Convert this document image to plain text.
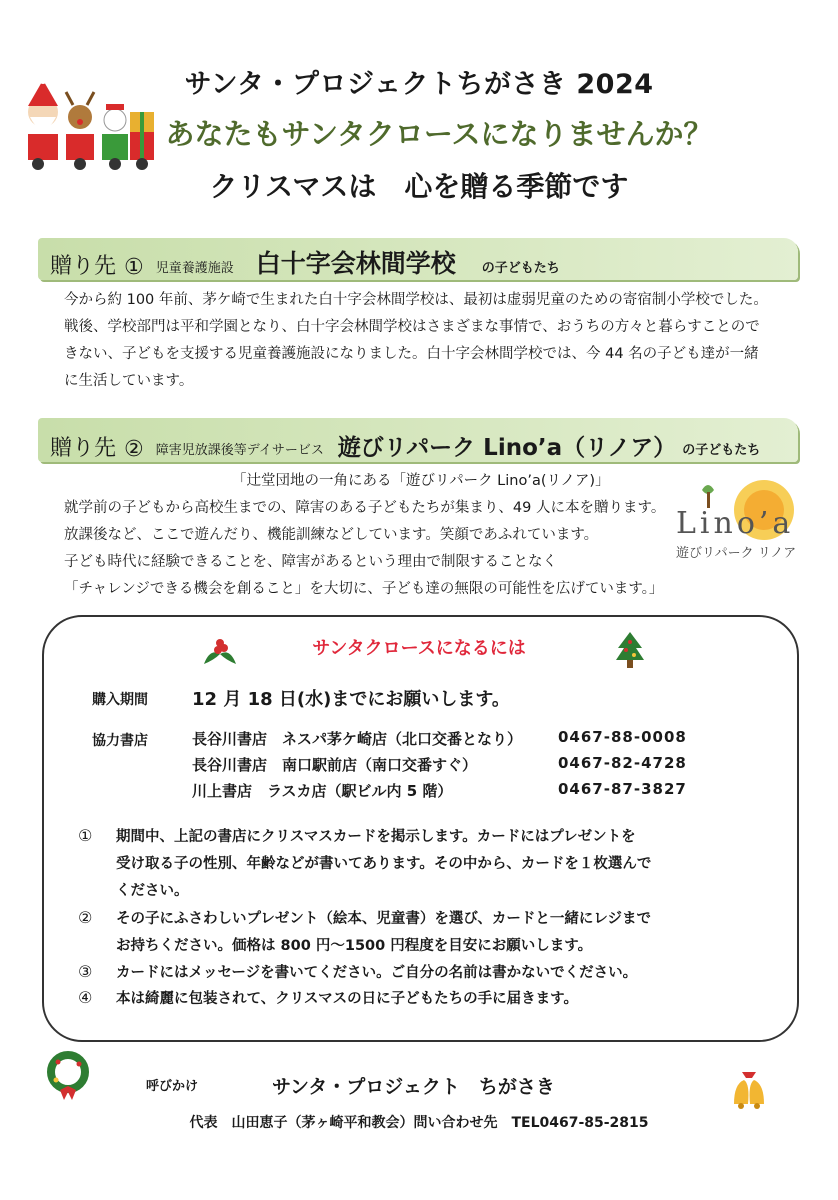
サンタ・プロジェクトちがさき 2024
あなたもサンタクロースになりませんか？
クリスマスは　心を贈る季節です
贈り先 ① 児童養護施設 白十字会林間学校 の子どもたち
今から約 100 年前、茅ケ崎で生まれた白十字会林間学校は、最初は虚弱児童のための寄宿制小学校でした。
戦後、学校部門は平和学園となり、白十字会林間学校はさまざまな事情で、おうちの方々と暮らすことので
きない、子どもを支援する児童養護施設になりました。白十字会林間学校では、今 44 名の子ども達が一緒
に生活しています。
贈り先 ② 障害児放課後等デイサービス 遊びリパーク Lino’a（リノア） の子どもたち
「辻堂団地の一角にある「遊びリパーク Lino’a(リノア)」
就学前の子どもから高校生までの、障害のある子どもたちが集まり、49 人に本を贈ります。
放課後など、ここで遊んだり、機能訓練などしています。笑顔であふれています。
子ども時代に経験できることを、障害があるという理由で制限することなく
「チャレンジできる機会を創ること」を大切に、子ども達の無限の可能性を広げています。」
Lino’a
遊びリパーク リノア
サンタクロースになるには
購入期間 12 月 18 日(水)までにお願いします。
協力書店	長谷川書店　ネスパ茅ケ崎店（北口交番となり） 0467-88-0008
長谷川書店　南口駅前店（南口交番すぐ）	0467-82-4728
川上書店　ラスカ店（駅ビル内 5 階）	0467-87-3827
① 期間中、上記の書店にクリスマスカードを掲示します。カードにはプレゼントを
受け取る子の性別、年齢などが書いてあります。その中から、カードを１枚選んで
ください。
② その子にふさわしいプレゼント（絵本、児童書）を選び、カードと一緒にレジまで
お持ちください。価格は 800 円～1500 円程度を目安にお願いします。
③ カードにはメッセージを書いてください。ご自分の名前は書かないでください。
④ 本は綺麗に包装されて、クリスマスの日に子どもたちの手に届きます。
呼びかけ	サンタ・プロジェクト　ちがさき
代表　山田恵子（茅ヶ崎平和教会）問い合わせ先　TEL0467-85-2815
